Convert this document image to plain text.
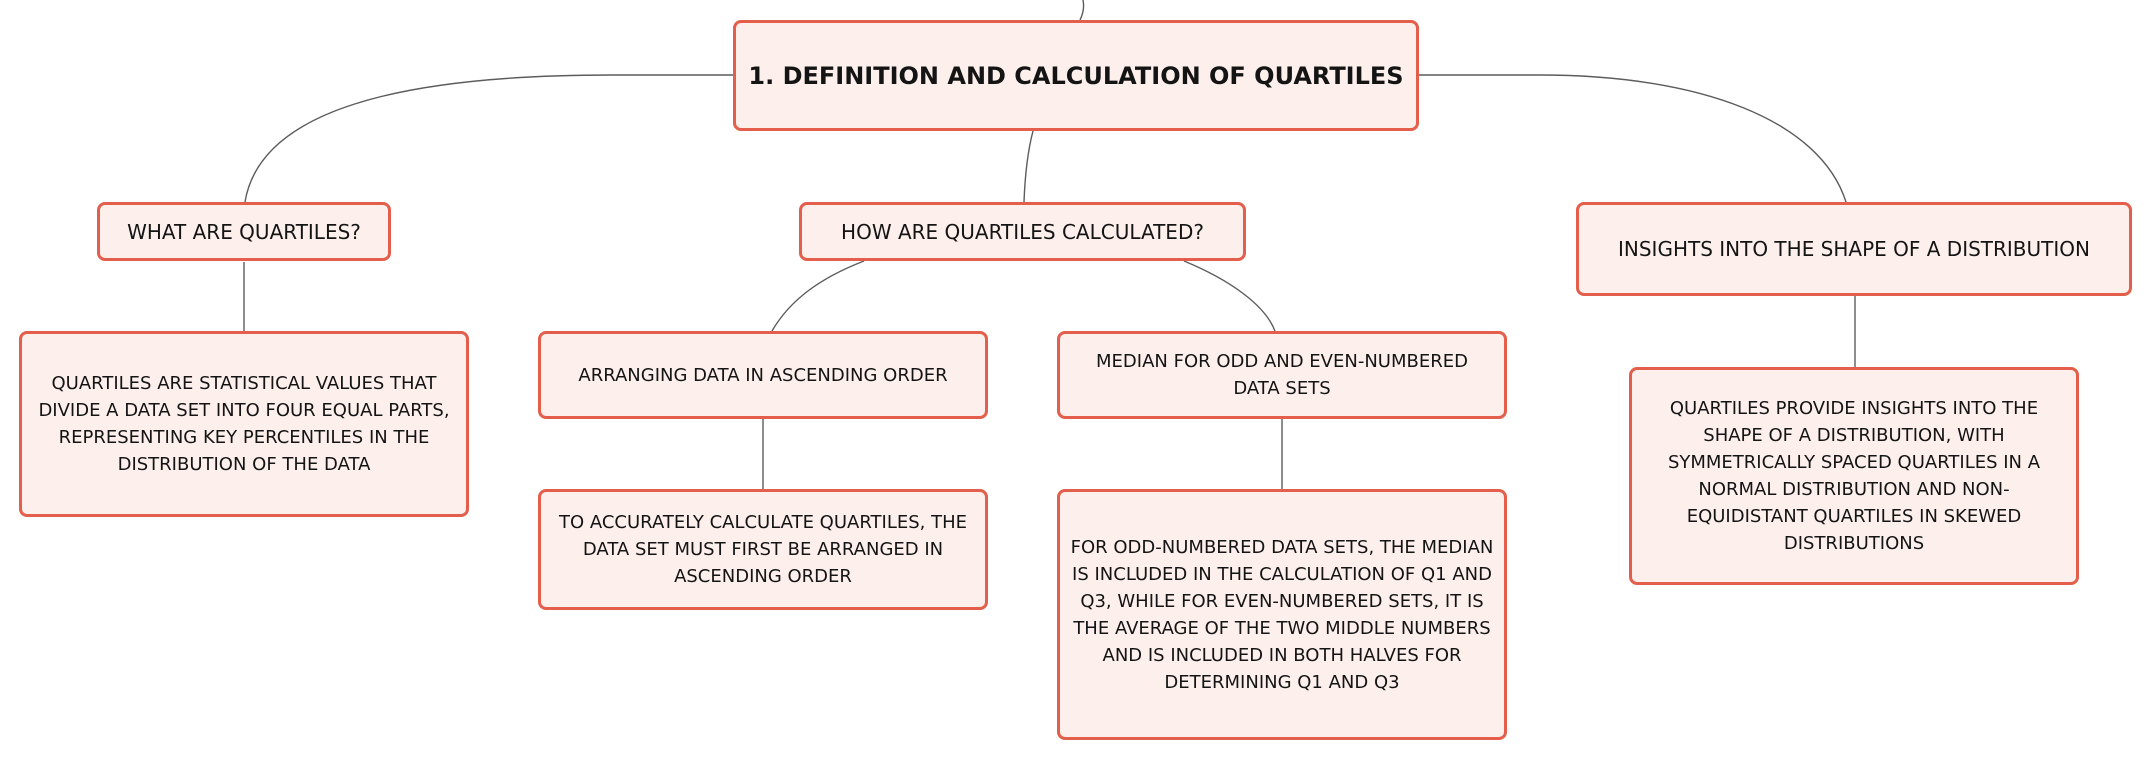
1. DEFINITION AND CALCULATION OF QUARTILES
WHAT ARE QUARTILES?	HOW ARE QUARTILES CALCULATED?
INSIGHTS INTO THE SHAPE OF A DISTRIBUTION
ARRANGING DATA IN ASCENDING ORDER
MEDIAN FOR ODD AND EVEN-NUMBERED DATA SETS
QUARTILES ARE STATISTICAL VALUES THAT DIVIDE A DATA SET INTO FOUR EQUAL PARTS, REPRESENTING KEY PERCENTILES IN THE DISTRIBUTION OF THE DATA
TO ACCURATELY CALCULATE QUARTILES, THE DATA SET MUST FIRST BE ARRANGED IN ASCENDING ORDER
FOR ODD-NUMBERED DATA SETS, THE MEDIAN IS INCLUDED IN THE CALCULATION OF Q1 AND Q3, WHILE FOR EVEN-NUMBERED SETS, IT IS THE AVERAGE OF THE TWO MIDDLE NUMBERS AND IS INCLUDED IN BOTH HALVES FOR DETERMINING Q1 AND Q3
QUARTILES PROVIDE INSIGHTS INTO THE SHAPE OF A DISTRIBUTION, WITH SYMMETRICALLY SPACED QUARTILES IN A NORMAL DISTRIBUTION AND NON-EQUIDISTANT QUARTILES IN SKEWED DISTRIBUTIONS
